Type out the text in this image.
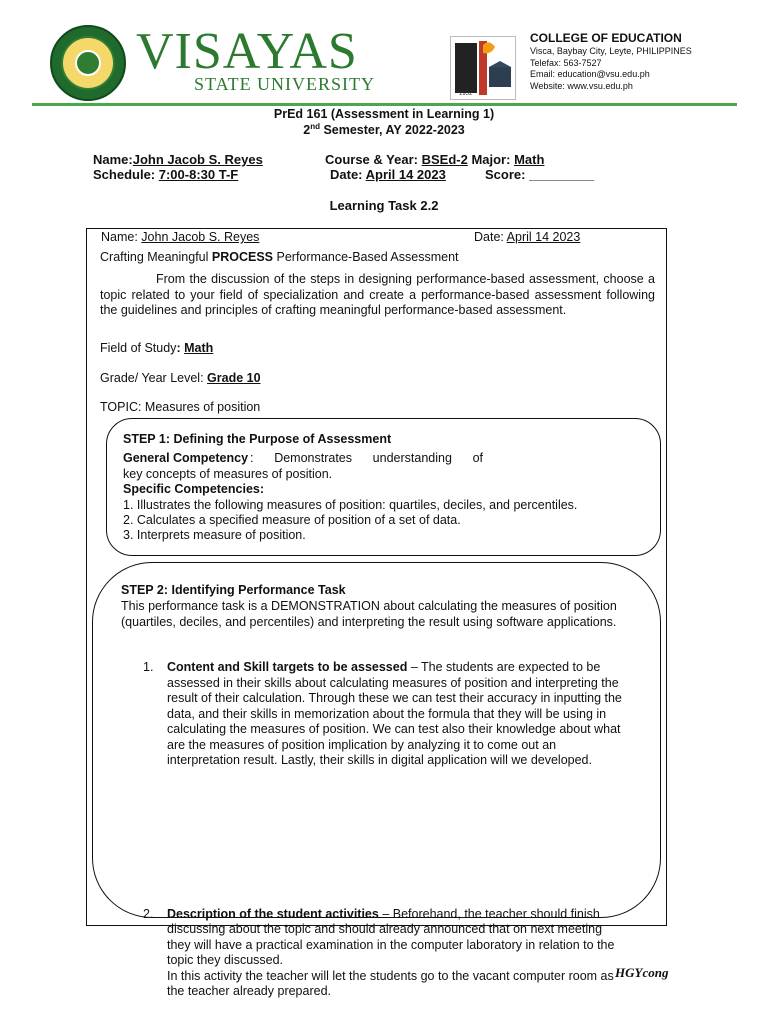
VISAYAS
STATE UNIVERSITY	1952
COLLEGE OF EDUCATION
Visca, Baybay City, Leyte, PHILIPPINES
Telefax: 563-7527
Email: education@vsu.edu.ph
Website: www.vsu.edu.ph
PrEd 161 (Assessment in Learning 1)
2nd Semester, AY 2022-2023
Name:John Jacob S. Reyes	Course & Year: BSEd-2 Major: Math
Schedule: 7:00-8:30 T-F	Date: April 14 2023	Score: _________
Learning Task 2.2
Name: John Jacob S. Reyes	Date: April 14 2023
Crafting Meaningful PROCESS Performance-Based Assessment
From the discussion of the steps in designing performance-based assessment, choose a topic related to your field of specialization and create a performance-based assessment following the guidelines and principles of crafting meaningful performance-based assessment.
Field of Study: Math
Grade/ Year Level: Grade 10
TOPIC: Measures of position
STEP 1: Defining the Purpose of Assessment
General Competency : Demonstrates understanding of
key concepts of measures of position.
Specific Competencies:
1. Illustrates the following measures of position: quartiles, deciles, and percentiles.
2. Calculates a specified measure of position of a set of data.
3. Interprets measure of position.
STEP 2: Identifying Performance Task
This performance task is a DEMONSTRATION about calculating the measures of position (quartiles, deciles, and percentiles) and interpreting the result using software applications.
1. Content and Skill targets to be assessed – The students are expected to be assessed in their skills about calculating measures of position and interpreting the result of their calculation. Through these we can test their accuracy in inputting the data, and their skills in memorization about the formula that they will be using in calculating the measures of position. We can test also their knowledge about what are the measures of position implication by analyzing it to come out an interpretation result. Lastly, their skills in digital application will we developed.
2. Description of the student activities – Beforehand, the teacher should finish discussing about the topic and should already announced that on next meeting they will have a practical examination in the computer laboratory in relation to the topic they discussed.
In this activity the teacher will let the students go to the vacant computer room as the teacher already prepared.
HGYcong
